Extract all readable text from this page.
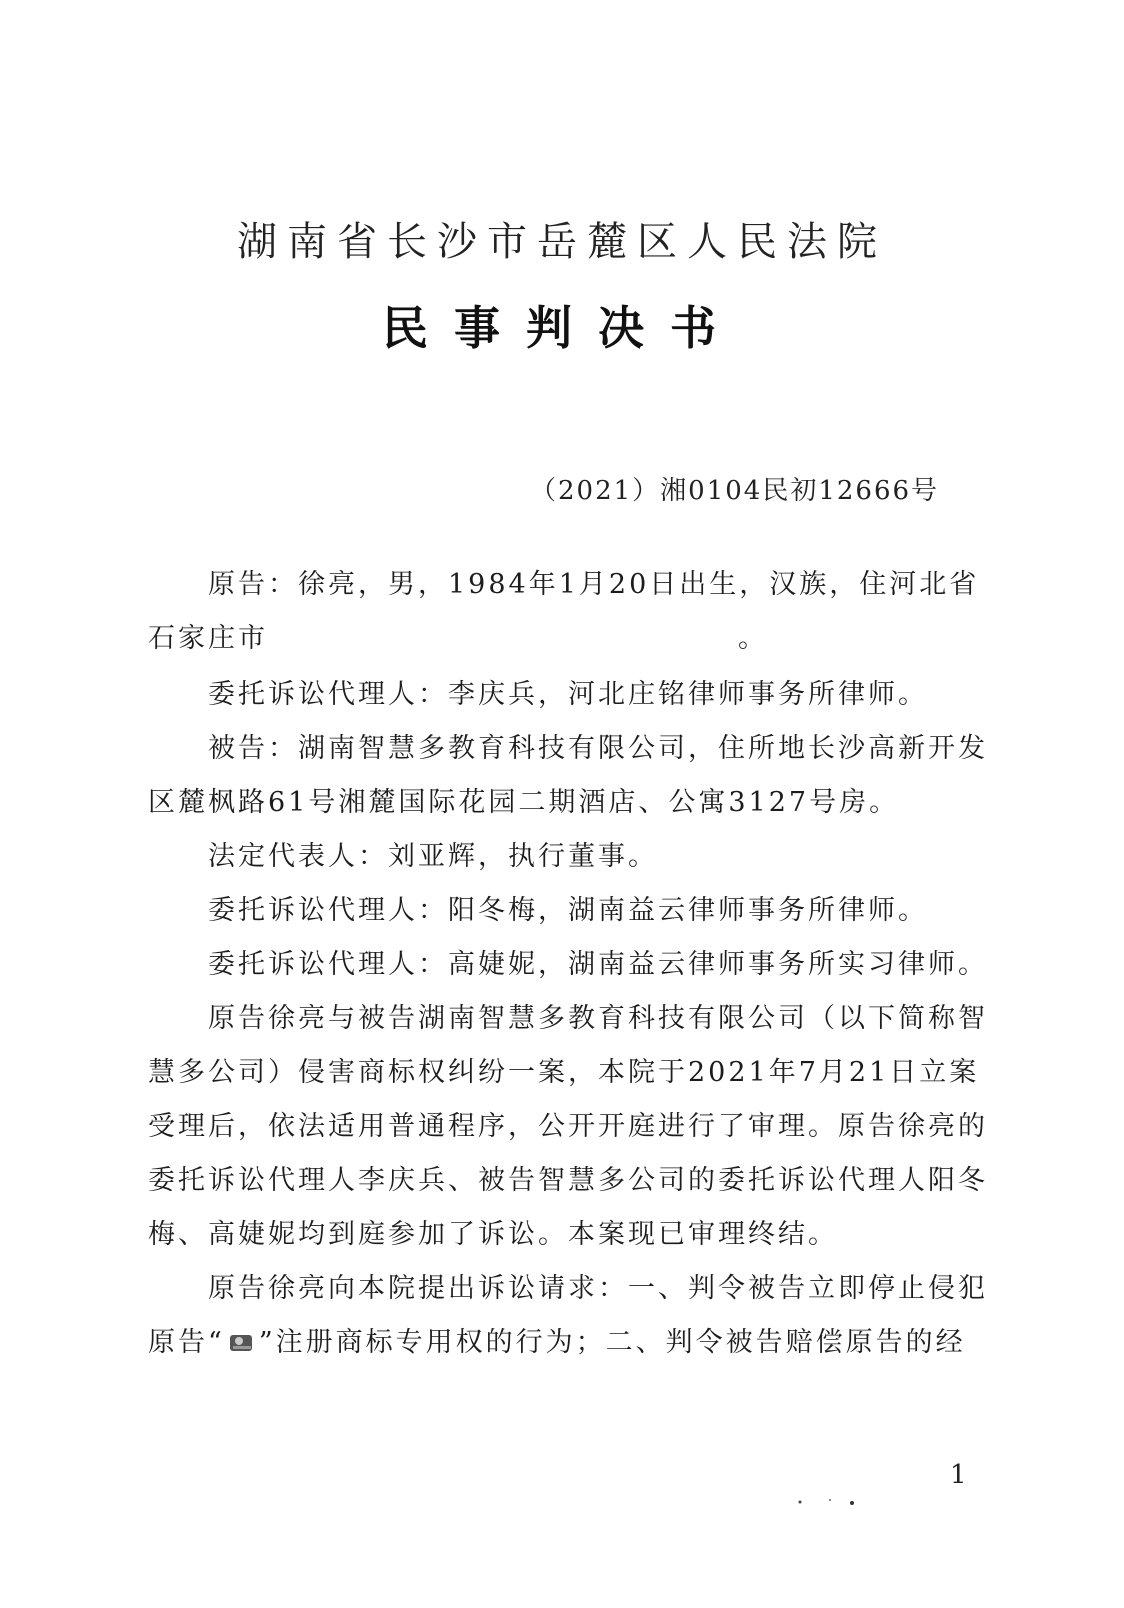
湖南省长沙市岳麓区人民法院
民事判决书
（2021）湘0104民初12666号
原告：徐亮，男，1984年1月20日出生，汉族，住河北省
石家庄市	。
委托诉讼代理人：李庆兵，河北庄铭律师事务所律师。
被告：湖南智慧多教育科技有限公司，住所地长沙高新开发
区麓枫路61号湘麓国际花园二期酒店、公寓3127号房。
法定代表人：刘亚辉，执行董事。
委托诉讼代理人：阳冬梅，湖南益云律师事务所律师。
委托诉讼代理人：高婕妮，湖南益云律师事务所实习律师。
原告徐亮与被告湖南智慧多教育科技有限公司（以下简称智
慧多公司）侵害商标权纠纷一案，本院于2021年7月21日立案
受理后，依法适用普通程序，公开开庭进行了审理。原告徐亮的
委托诉讼代理人李庆兵、被告智慧多公司的委托诉讼代理人阳冬
梅、高婕妮均到庭参加了诉讼。本案现已审理终结。
原告徐亮向本院提出诉讼请求：一、判令被告立即停止侵犯
原告“ ”注册商标专用权的行为；二、判令被告赔偿原告的经
1
